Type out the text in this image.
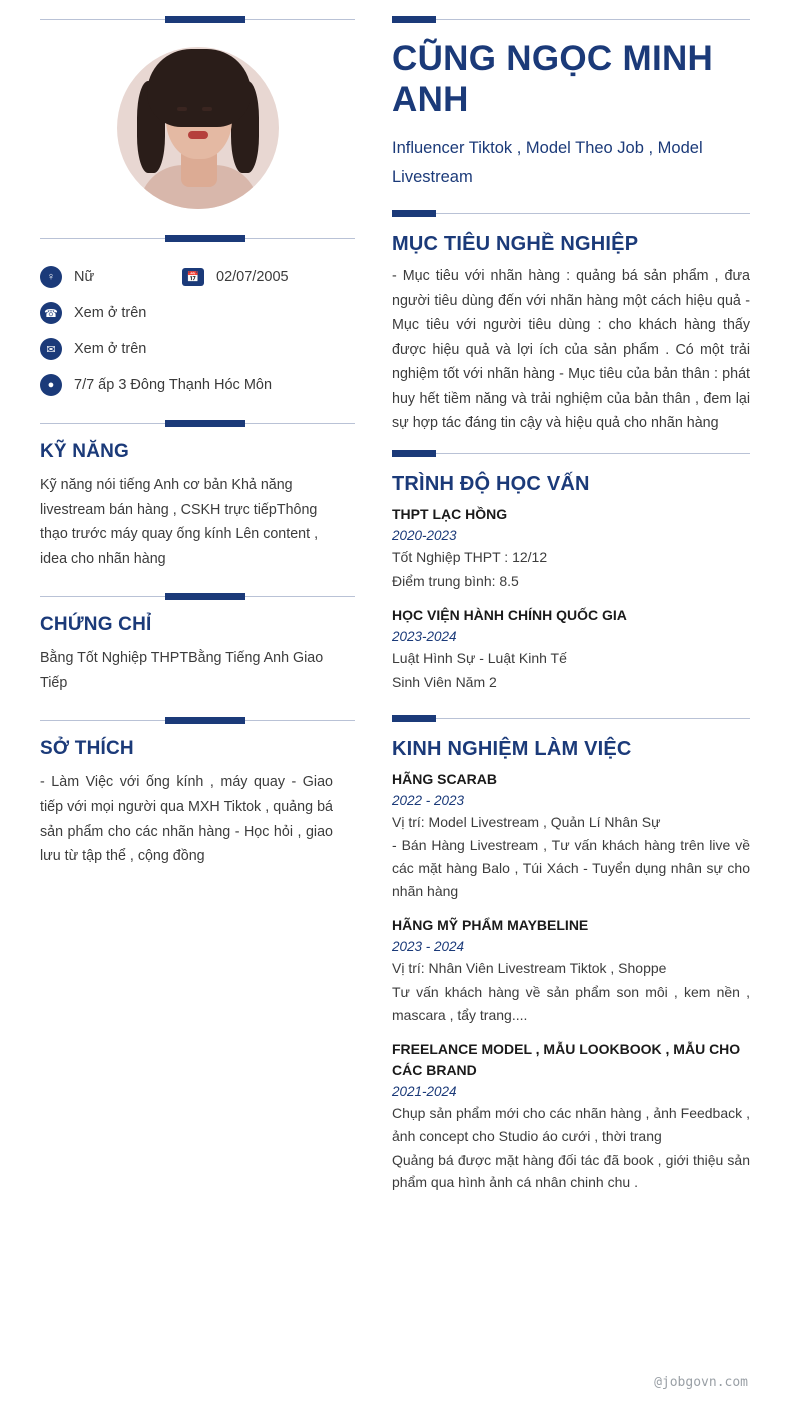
♀	Nữ	📅	02/07/2005
☎ Xem ở trên
✉	Xem ở trên
●	7/7 ấp 3 Đông Thạnh Hóc Môn
KỸ NĂNG

Kỹ năng nói tiếng Anh cơ bản Khả năng livestream bán hàng , CSKH trực tiếpThông thạo trước máy quay ống kính Lên content , idea cho nhãn hàng

CHỨNG CHỈ

Bằng Tốt Nghiệp THPTBằng Tiếng Anh Giao Tiếp

SỞ THÍCH

- Làm Việc với ống kính , máy quay - Giao tiếp với mọi người qua MXH Tiktok , quảng bá sản phẩm cho các nhãn hàng - Học hỏi , giao lưu từ tập thể , cộng đồng

CŨNG NGỌC MINH ANH
Influencer Tiktok , Model Theo Job , Model Livestream
MỤC TIÊU NGHỀ NGHIỆP

- Mục tiêu với nhãn hàng : quảng bá sản phẩm , đưa người tiêu dùng đến với nhãn hàng một cách hiệu quả - Mục tiêu với người tiêu dùng : cho khách hàng thấy được hiệu quả và lợi ích của sản phẩm . Có một trải nghiệm tốt với nhãn hàng - Mục tiêu của bản thân : phát huy hết tiềm năng và trải nghiệm của bản thân , đem lại sự hợp tác đáng tin cậy và hiệu quả cho nhãn hàng

TRÌNH ĐỘ HỌC VẤN
THPT LẠC HỒNG
2020-2023
Tốt Nghiệp THPT : 12/12
Điểm trung bình: 8.5
HỌC VIỆN HÀNH CHÍNH QUỐC GIA
2023-2024
Luật Hình Sự - Luật Kinh Tế
Sinh Viên Năm 2
KINH NGHIỆM LÀM VIỆC
HÃNG SCARAB
2022 - 2023
Vị trí: Model Livestream , Quản Lí Nhân Sự
- Bán Hàng Livestream , Tư vấn khách hàng trên live về các mặt hàng Balo , Túi Xách - Tuyển dụng nhân sự cho nhãn hàng
HÃNG MỸ PHẨM MAYBELINE
2023 - 2024
Vị trí: Nhân Viên Livestream Tiktok , Shoppe
Tư vấn khách hàng về sản phẩm son môi , kem nền , mascara , tẩy trang....
FREELANCE MODEL , MẪU LOOKBOOK , MẪU CHO CÁC BRAND
2021-2024
Chụp sản phẩm mới cho các nhãn hàng , ảnh Feedback , ảnh concept cho Studio áo cưới , thời trang
Quảng bá được mặt hàng đối tác đã book , giới thiệu sản phẩm qua hình ảnh cá nhân chinh chu .
@jobgovn.com
